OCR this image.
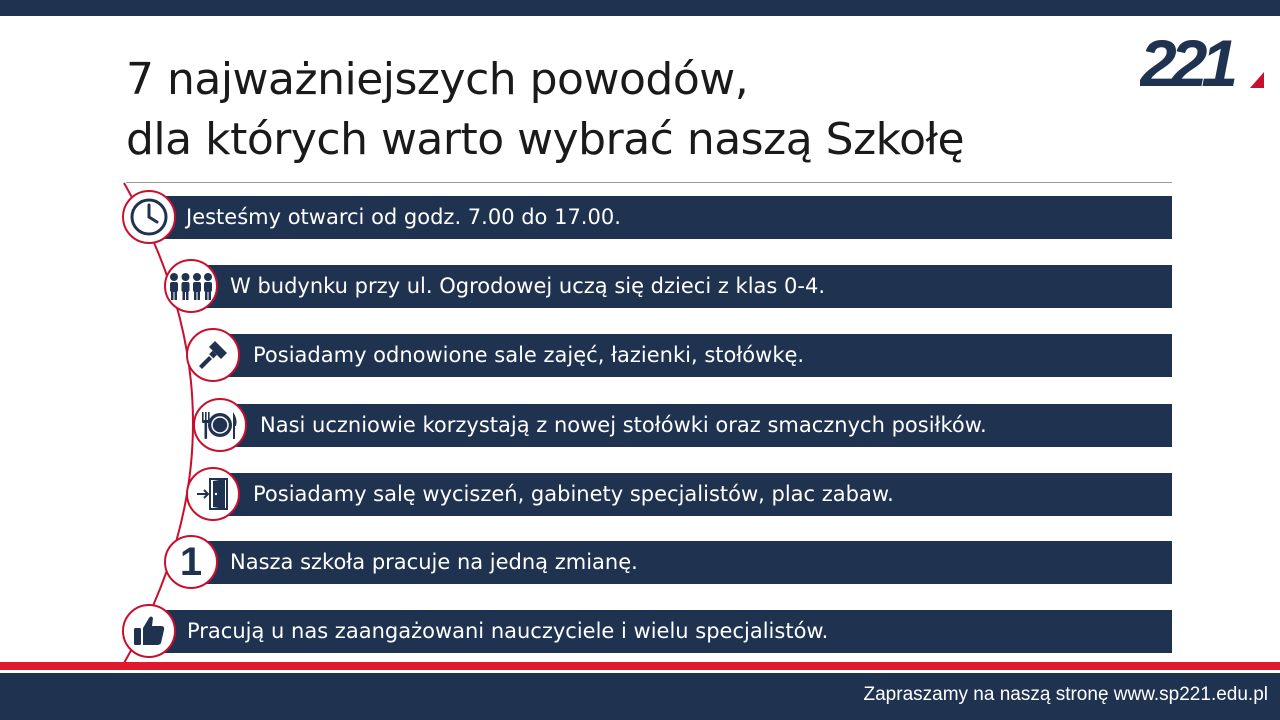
7 najważniejszych powodów,
dla których warto wybrać naszą Szkołę
221
Jesteśmy otwarci od godz. 7.00 do 17.00.
W budynku przy ul. Ogrodowej uczą się dzieci z klas 0-4.
Posiadamy odnowione sale zajęć, łazienki, stołówkę.
Nasi uczniowie korzystają z nowej stołówki oraz smacznych posiłków.
Posiadamy salę wyciszeń, gabinety specjalistów, plac zabaw.
Nasza szkoła pracuje na jedną zmianę.
1
Pracują u nas zaangażowani nauczyciele i wielu specjalistów.
Zapraszamy na naszą stronę www.sp221.edu.pl
